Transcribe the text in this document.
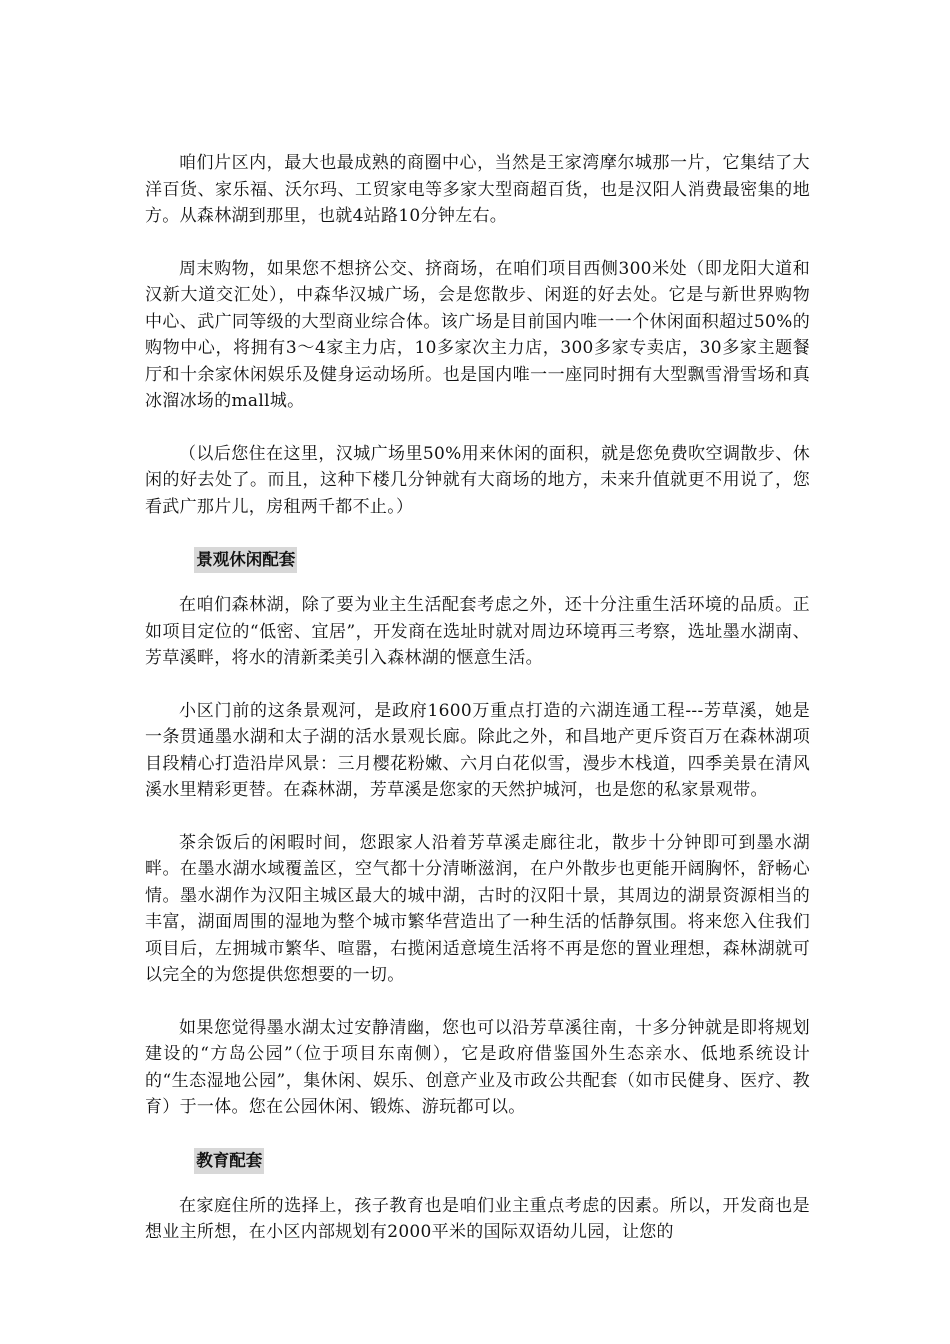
咱们片区内，最大也最成熟的商圈中心，当然是王家湾摩尔城那一片，它集结了大洋百货、家乐福、沃尔玛、工贸家电等多家大型商超百货，也是汉阳人消费最密集的地方。从森林湖到那里，也就4站路10分钟左右。

周末购物，如果您不想挤公交、挤商场，在咱们项目西侧300米处（即龙阳大道和汉新大道交汇处），中森华汉城广场，会是您散步、闲逛的好去处。它是与新世界购物中心、武广同等级的大型商业综合体。该广场是目前国内唯一一个休闲面积超过50%的购物中心，将拥有3～4家主力店，10多家次主力店，300多家专卖店，30多家主题餐厅和十余家休闲娱乐及健身运动场所。也是国内唯一一座同时拥有大型飘雪滑雪场和真冰溜冰场的mall城。

（以后您住在这里，汉城广场里50%用来休闲的面积，就是您免费吹空调散步、休闲的好去处了。而且，这种下楼几分钟就有大商场的地方，未来升值就更不用说了，您看武广那片儿，房租两千都不止。）

景观休闲配套

在咱们森林湖，除了要为业主生活配套考虑之外，还十分注重生活环境的品质。正如项目定位的“低密、宜居”，开发商在选址时就对周边环境再三考察，选址墨水湖南、芳草溪畔，将水的清新柔美引入森林湖的惬意生活。

小区门前的这条景观河，是政府1600万重点打造的六湖连通工程---芳草溪，她是一条贯通墨水湖和太子湖的活水景观长廊。除此之外，和昌地产更斥资百万在森林湖项目段精心打造沿岸风景：三月樱花粉嫩、六月白花似雪，漫步木栈道，四季美景在清风溪水里精彩更替。在森林湖，芳草溪是您家的天然护城河，也是您的私家景观带。

茶余饭后的闲暇时间，您跟家人沿着芳草溪走廊往北，散步十分钟即可到墨水湖畔。在墨水湖水域覆盖区，空气都十分清晰滋润，在户外散步也更能开阔胸怀，舒畅心情。墨水湖作为汉阳主城区最大的城中湖，古时的汉阳十景，其周边的湖景资源相当的丰富，湖面周围的湿地为整个城市繁华营造出了一种生活的恬静氛围。将来您入住我们项目后，左拥城市繁华、喧嚣，右揽闲适意境生活将不再是您的置业理想，森林湖就可以完全的为您提供您想要的一切。

如果您觉得墨水湖太过安静清幽，您也可以沿芳草溪往南，十多分钟就是即将规划建设的“方岛公园”（位于项目东南侧），它是政府借鉴国外生态亲水、低地系统设计的“生态湿地公园”，集休闲、娱乐、创意产业及市政公共配套（如市民健身、医疗、教育）于一体。您在公园休闲、锻炼、游玩都可以。

教育配套

在家庭住所的选择上，孩子教育也是咱们业主重点考虑的因素。所以，开发商也是想业主所想，在小区内部规划有2000平米的国际双语幼儿园，让您的
